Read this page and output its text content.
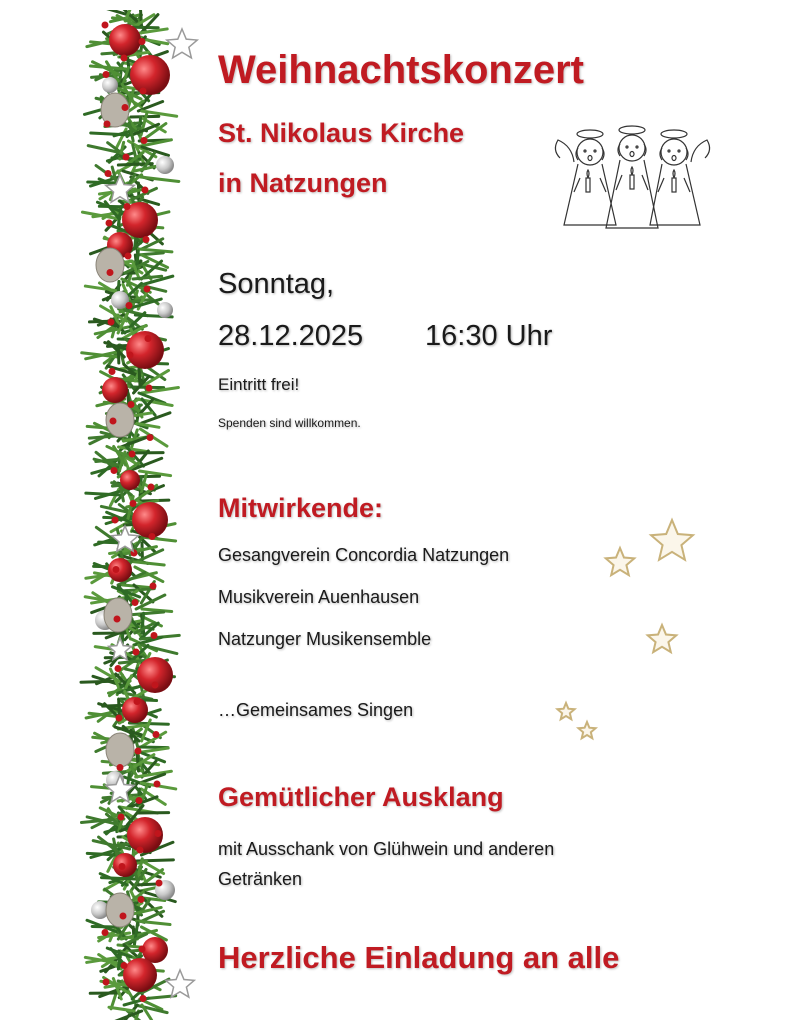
Weihnachtskonzert
St. Nikolaus Kirche
in Natzungen
Sonntag,
28.12.2025 16:30 Uhr
Eintritt frei!
Spenden sind willkommen.
Mitwirkende:
Gesangverein Concordia Natzungen
Musikverein Auenhausen
Natzunger Musikensemble
…Gemeinsames Singen
Gemütlicher Ausklang
mit Ausschank von Glühwein und anderen Getränken
Herzliche Einladung an alle
